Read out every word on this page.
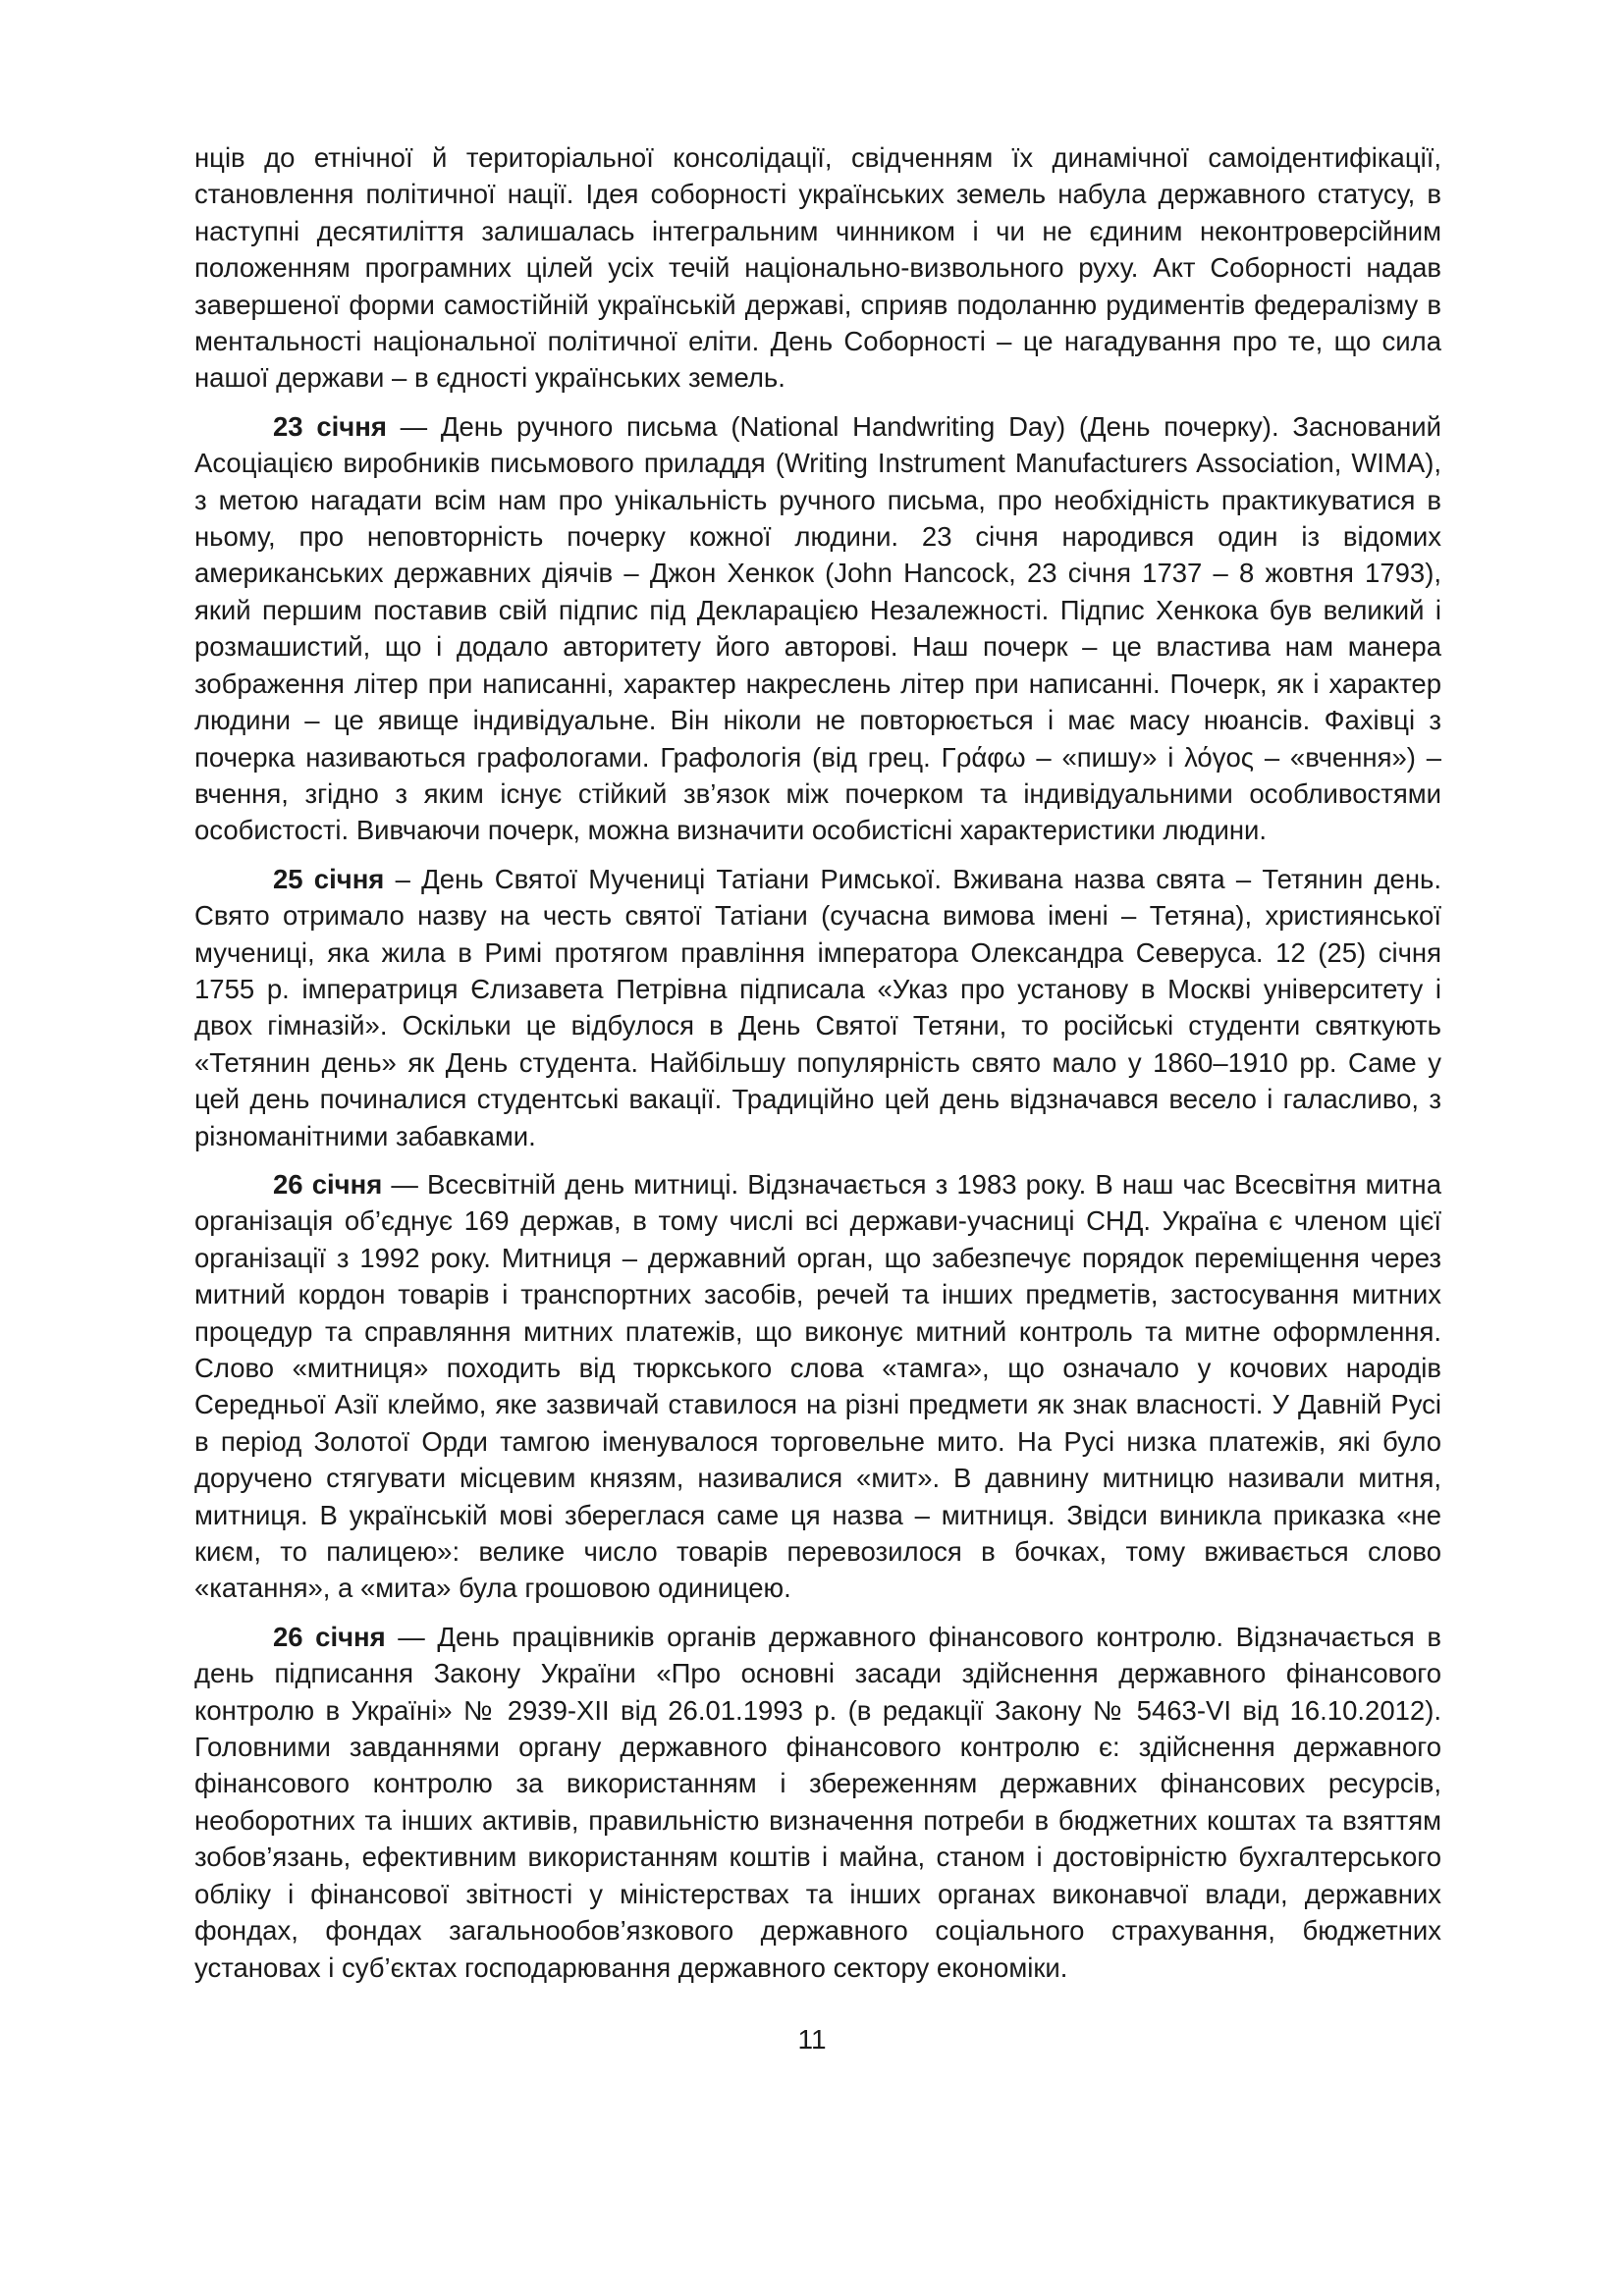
нців до етнічної й територіальної консолідації, свідченням їх динамічної самоідентифікації, становлення політичної нації. Ідея соборності українських земель набула державного статусу, в наступні десятиліття залишалась інтегральним чинником і чи не єдиним неконтроверсійним положенням програмних цілей усіх течій національно-визвольного руху. Акт Соборності надав завершеної форми самостійній українській державі, сприяв подоланню рудиментів федералізму в ментальності національної політичної еліти. День Соборності – це нагадування про те, що сила нашої держави – в єдності українських земель.

23 січня — День ручного письма (National Handwriting Day) (День почерку). Заснований Асоціацією виробників письмового приладдя (Writing Instrument Manufacturers Association, WIMA), з метою нагадати всім нам про унікальність ручного письма, про необхідність практикуватися в ньому, про неповторність почерку кожної людини. 23 січня народився один із відомих американських державних діячів – Джон Хенкок (John Hancock, 23 січня 1737 – 8 жовтня 1793), який першим поставив свій підпис під Декларацією Незалежності. Підпис Хенкока був великий і розмашистий, що і додало авторитету його авторові. Наш почерк – це властива нам манера зображення літер при написанні, характер накреслень літер при написанні. Почерк, як і характер людини – це явище індивідуальне. Він ніколи не повторюється і має масу нюансів. Фахівці з почерка називаються графологами. Графологія (від грец. Γράφω – «пишу» і λόγος – «вчення») – вчення, згідно з яким існує стійкий зв’язок між почерком та індивідуальними особливостями особистості. Вивчаючи почерк, можна визначити особистісні характеристики людини.

25 січня – День Святої Мучениці Татіани Римської. Вживана назва свята – Тетянин день. Свято отримало назву на честь святої Татіани (сучасна вимова імені – Тетяна), християнської мучениці, яка жила в Римі протягом правління імператора Олександра Северуса. 12 (25) січня 1755 р. імператриця Єлизавета Петрівна підписала «Указ про установу в Москві університету і двох гімназій». Оскільки це відбулося в День Святої Тетяни, то російські студенти святкують «Тетянин день» як День студента. Найбільшу популярність свято мало у 1860–1910 рр. Саме у цей день починалися студентські вакації. Традиційно цей день відзначався весело і галасливо, з різноманітними забавками.

26 січня — Всесвітній день митниці. Відзначається з 1983 року. В наш час Всесвітня митна організація об’єднує 169 держав, в тому числі всі держави-учасниці СНД. Україна є членом цієї організації з 1992 року. Митниця – державний орган, що забезпечує порядок переміщення через митний кордон товарів і транспортних засобів, речей та інших предметів, застосування митних процедур та справляння митних платежів, що виконує митний контроль та митне оформлення. Слово «митниця» походить від тюркського слова «тамга», що означало у кочових народів Середньої Азії клеймо, яке зазвичай ставилося на різні предмети як знак власності. У Давній Русі в період Золотої Орди тамгою іменувалося торговельне мито. На Русі низка платежів, які було доручено стягувати місцевим князям, називалися «мит». В давнину митницю називали митня, митниця. В українській мові збереглася саме ця назва – митниця. Звідси виникла приказка «не києм, то палицею»: велике число товарів перевозилося в бочках, тому вживається слово «катання», а «мита» була грошовою одиницею.

26 січня — День працівників органів державного фінансового контролю. Відзначається в день підписання Закону України «Про основні засади здійснення державного фінансового контролю в Україні» № 2939-XII від 26.01.1993 р. (в редакції Закону № 5463-VI від 16.10.2012). Головними завданнями органу державного фінансового контролю є: здійснення державного фінансового контролю за використанням і збереженням державних фінансових ресурсів, необоротних та інших активів, правильністю визначення потреби в бюджетних коштах та взяттям зобов’язань, ефективним використанням коштів і майна, станом і достовірністю бухгалтерського обліку і фінансової звітності у міністерствах та інших органах виконавчої влади, державних фондах, фондах загальнообов’язкового державного соціального страхування, бюджетних установах і суб’єктах господарювання державного сектору економіки.

11
